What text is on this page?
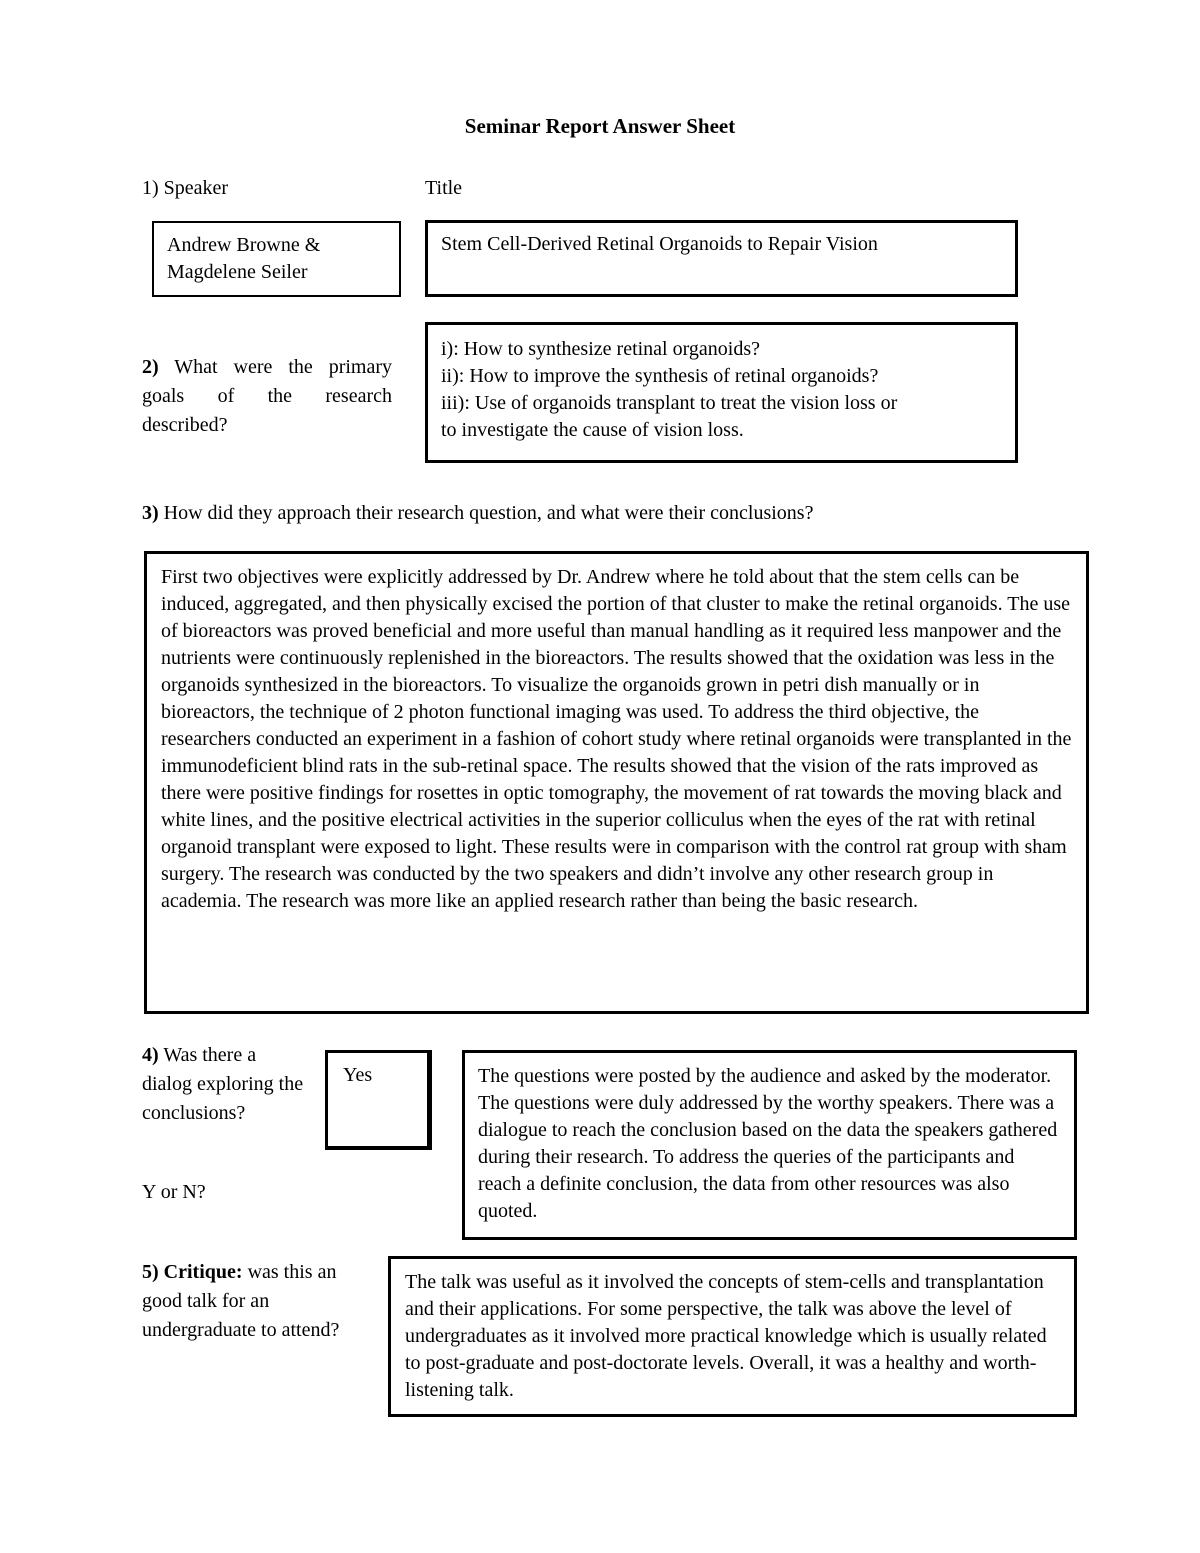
Seminar Report Answer Sheet
1) Speaker	Title
Andrew Browne & Magdelene Seiler
Stem Cell-Derived Retinal Organoids to Repair Vision
2) What were the primary goals of the research described?
i): How to synthesize retinal organoids?
ii): How to improve the synthesis of retinal organoids?
iii): Use of organoids transplant to treat the vision loss or
to investigate the cause of vision loss.
3) How did they approach their research question, and what were their conclusions?
First two objectives were explicitly addressed by Dr. Andrew where he told about that the stem cells can be induced, aggregated, and then physically excised the portion of that cluster to make the retinal organoids. The use of bioreactors was proved beneficial and more useful than manual handling as it required less manpower and the nutrients were continuously replenished in the bioreactors. The results showed that the oxidation was less in the organoids synthesized in the bioreactors. To visualize the organoids grown in petri dish manually or in bioreactors, the technique of 2 photon functional imaging was used. To address the third objective, the researchers conducted an experiment in a fashion of cohort study where retinal organoids were transplanted in the immunodeficient blind rats in the sub-retinal space. The results showed that the vision of the rats improved as there were positive findings for rosettes in optic tomography, the movement of rat towards the moving black and white lines, and the positive electrical activities in the superior colliculus when the eyes of the rat with retinal organoid transplant were exposed to light. These results were in comparison with the control rat group with sham surgery. The research was conducted by the two speakers and didn’t involve any other research group in academia. The research was more like an applied research rather than being the basic research.
4) Was there a dialog exploring the conclusions?
Y or N?
Yes	The questions were posted by the audience and asked by the moderator. The questions were duly addressed by the worthy speakers. There was a dialogue to reach the conclusion based on the data the speakers gathered during their research. To address the queries of the participants and reach a definite conclusion, the data from other resources was also quoted.
5) Critique: was this an good talk for an undergraduate to attend?
The talk was useful as it involved the concepts of stem-cells and transplantation and their applications. For some perspective, the talk was above the level of undergraduates as it involved more practical knowledge which is usually related to post-graduate and post-doctorate levels. Overall, it was a healthy and worth-listening talk.
